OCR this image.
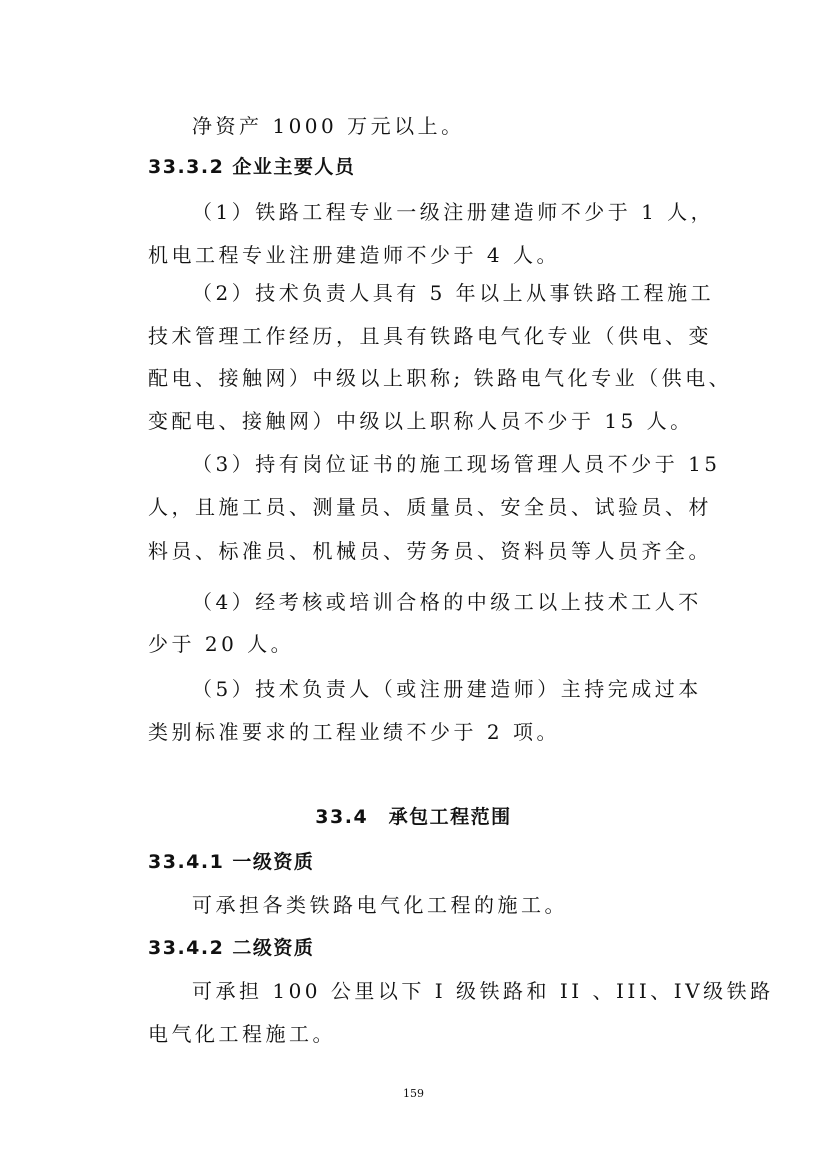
净资产 1000 万元以上。
33.3.2 企业主要人员
（1）铁路工程专业一级注册建造师不少于 1 人，
机电工程专业注册建造师不少于 4 人。
（2）技术负责人具有 5 年以上从事铁路工程施工
技术管理工作经历，且具有铁路电气化专业（供电、变
配电、接触网）中级以上职称; 铁路电气化专业（供电、
变配电、接触网）中级以上职称人员不少于 15 人。
（3）持有岗位证书的施工现场管理人员不少于 15
人，且施工员、测量员、质量员、安全员、试验员、材
料员、标准员、机械员、劳务员、资料员等人员齐全。
（4）经考核或培训合格的中级工以上技术工人不
少于 20 人。
（5）技术负责人（或注册建造师）主持完成过本
类别标准要求的工程业绩不少于 2 项。
33.4　承包工程范围
33.4.1 一级资质
可承担各类铁路电气化工程的施工。
33.4.2 二级资质
可承担 100 公里以下 I 级铁路和 II 、III、IV级铁路
电气化工程施工。
159
